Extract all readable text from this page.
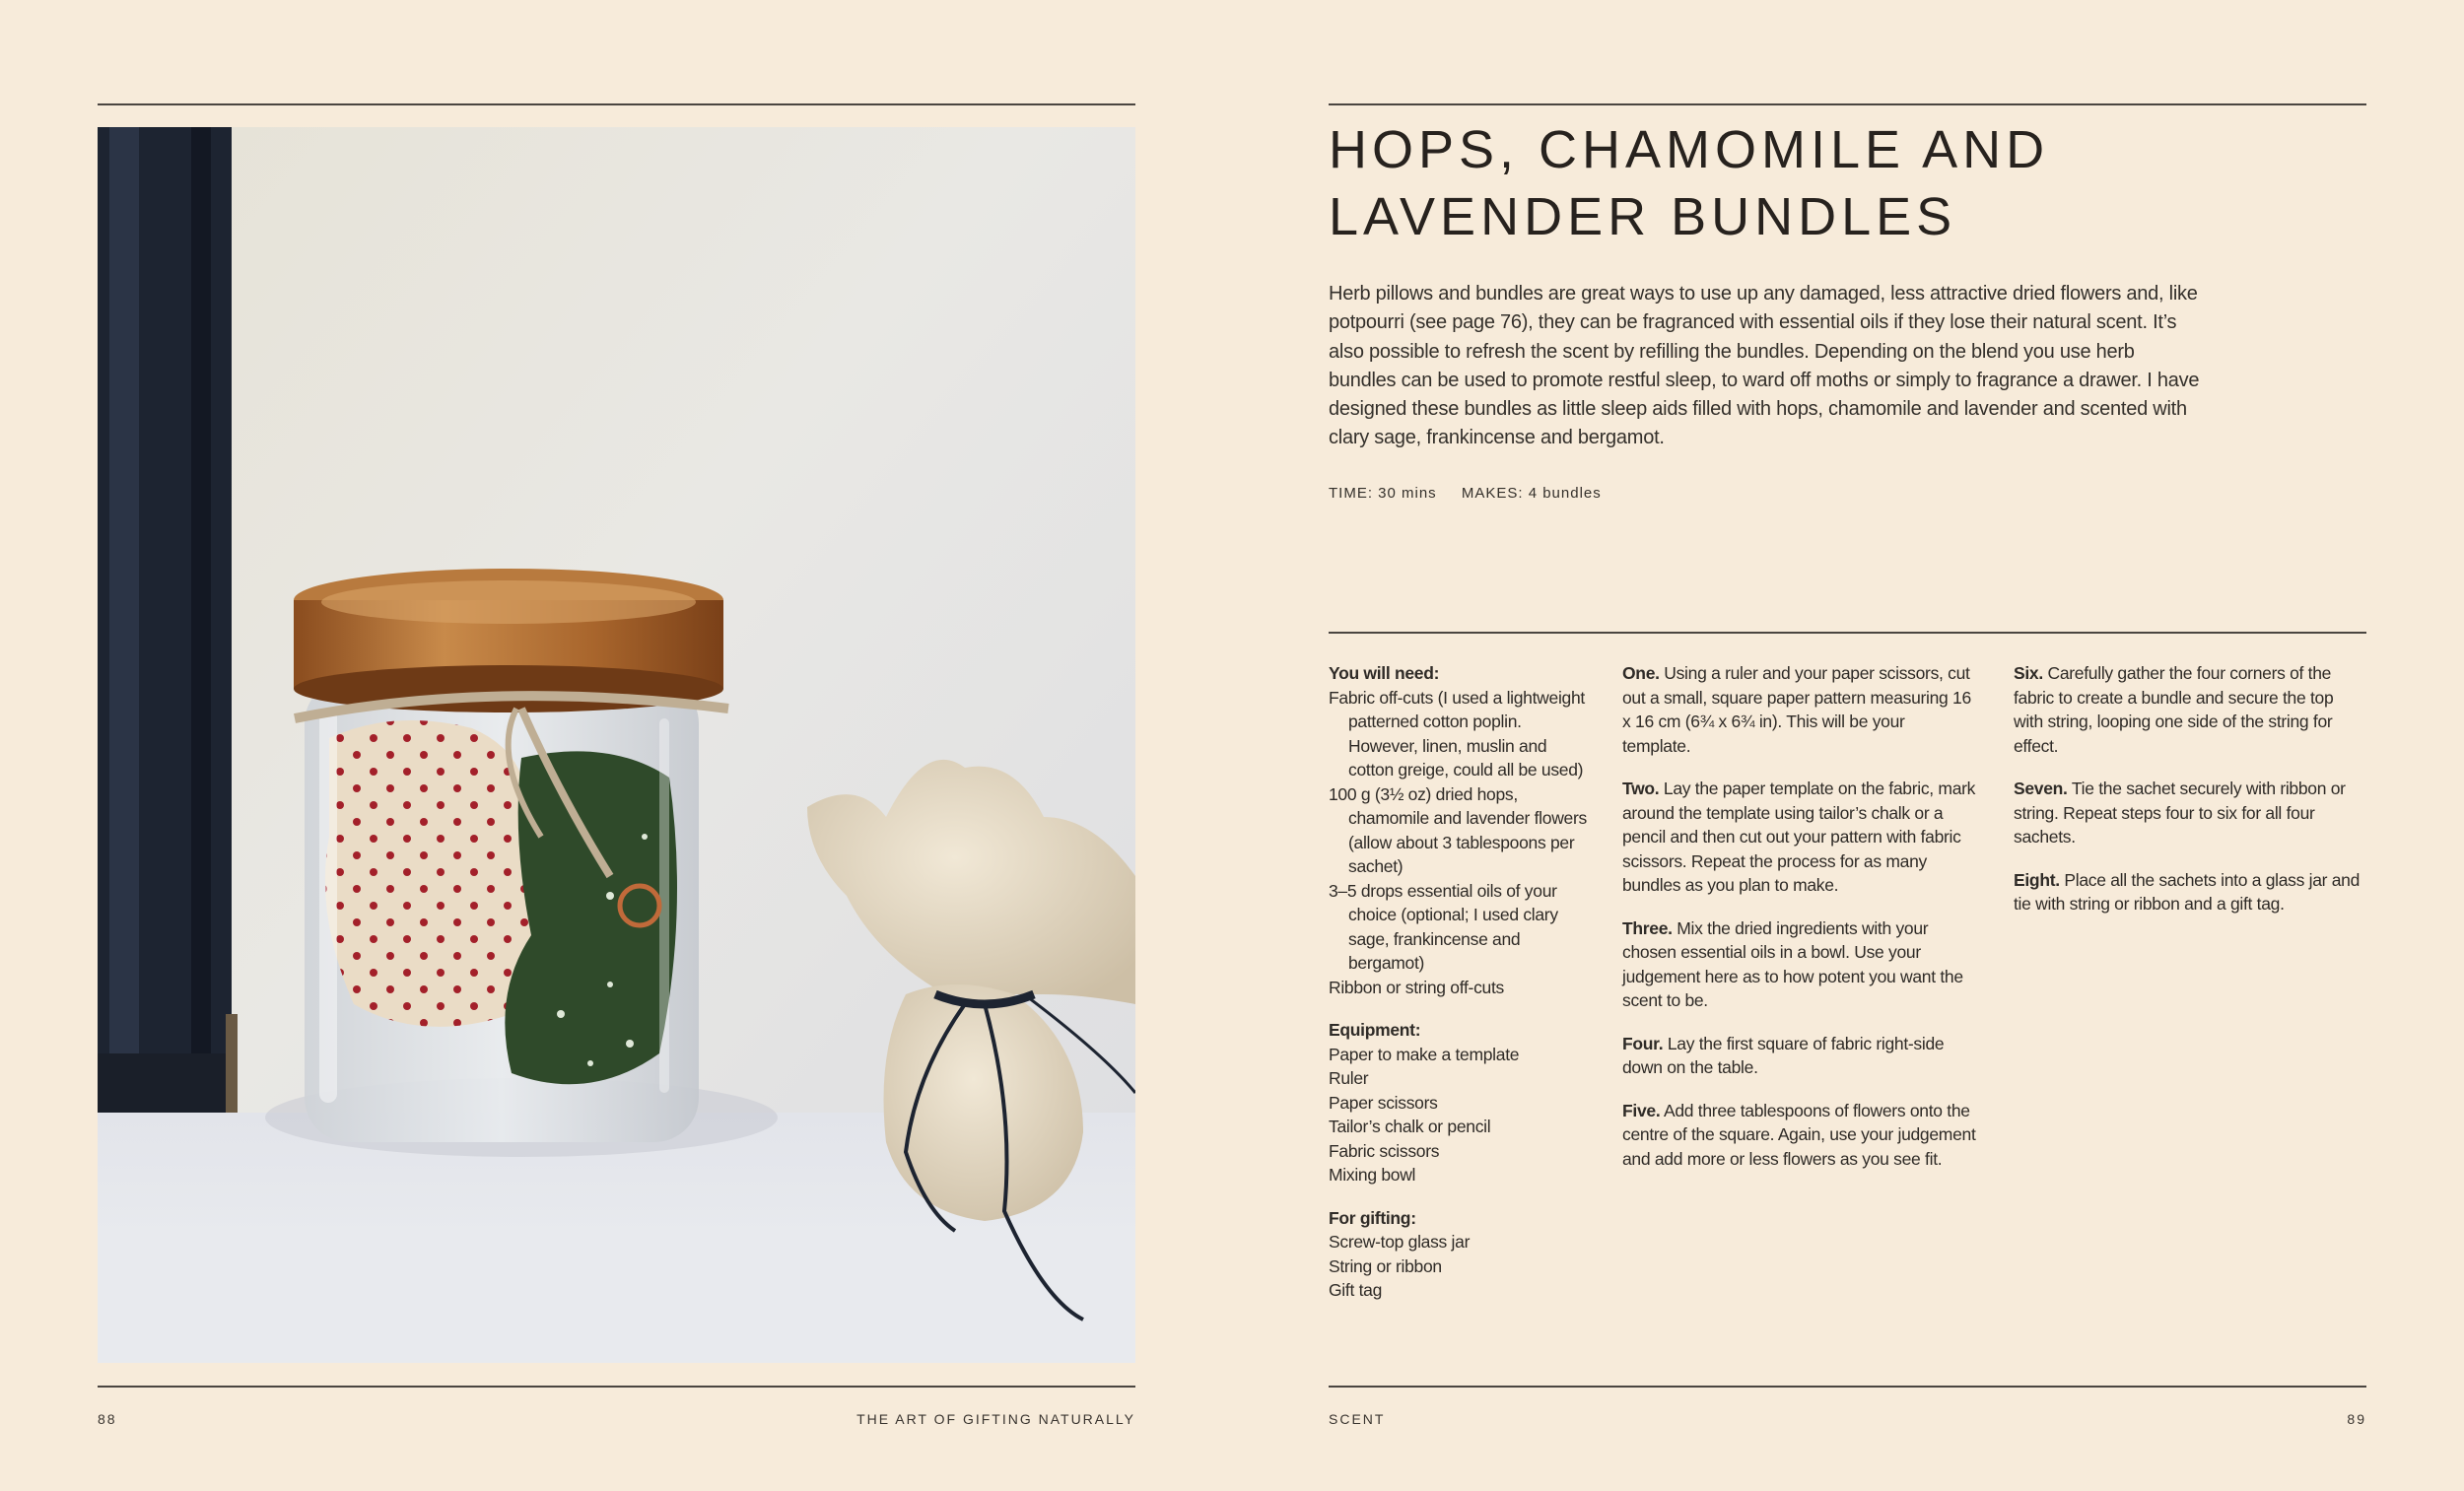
HOPS, CHAMOMILE AND
LAVENDER BUNDLES

Herb pillows and bundles are great ways to use up any damaged, less attractive dried flowers and, like potpourri (see page 76), they can be fragranced with essential oils if they lose their natural scent. It’s also possible to refresh the scent by refilling the bundles. Depending on the blend you use herb bundles can be used to promote restful sleep, to ward off moths or simply to fragrance a drawer. I have designed these bundles as little sleep aids filled with hops, chamomile and lavender and scented with clary sage, frankincense and bergamot.

TIME: 30 mins MAKES: 4 bundles
You will need:
Fabric off-cuts (I used a lightweight patterned cotton poplin. However, linen, muslin and cotton greige, could all be used)
100 g (3½ oz) dried hops, chamomile and lavender flowers (allow about 3 tablespoons per sachet)
3–5 drops essential oils of your choice (optional; I used clary sage, frankincense and bergamot)
Ribbon or string off-cuts
Equipment:
Paper to make a template
Ruler
Paper scissors
Tailor’s chalk or pencil
Fabric scissors
Mixing bowl
For gifting:
Screw-top glass jar
String or ribbon
Gift tag

One. Using a ruler and your paper scissors, cut out a small, square paper pattern measuring 16 x 16 cm (6¾ x 6¾ in). This will be your template.

Two. Lay the paper template on the fabric, mark around the template using tailor’s chalk or a pencil and then cut out your pattern with fabric scissors. Repeat the process for as many bundles as you plan to make.

Three. Mix the dried ingredients with your chosen essential oils in a bowl. Use your judgement here as to how potent you want the scent to be.

Four. Lay the first square of fabric right-side down on the table.

Five. Add three tablespoons of flowers onto the centre of the square. Again, use your judgement and add more or less flowers as you see fit.

Six. Carefully gather the four corners of the fabric to create a bundle and secure the top with string, looping one side of the string for effect.

Seven. Tie the sachet securely with ribbon or string. Repeat steps four to six for all four sachets.

Eight. Place all the sachets into a glass jar and tie with string or ribbon and a gift tag.

88	THE ART OF GIFTING NATURALLY	SCENT	89
